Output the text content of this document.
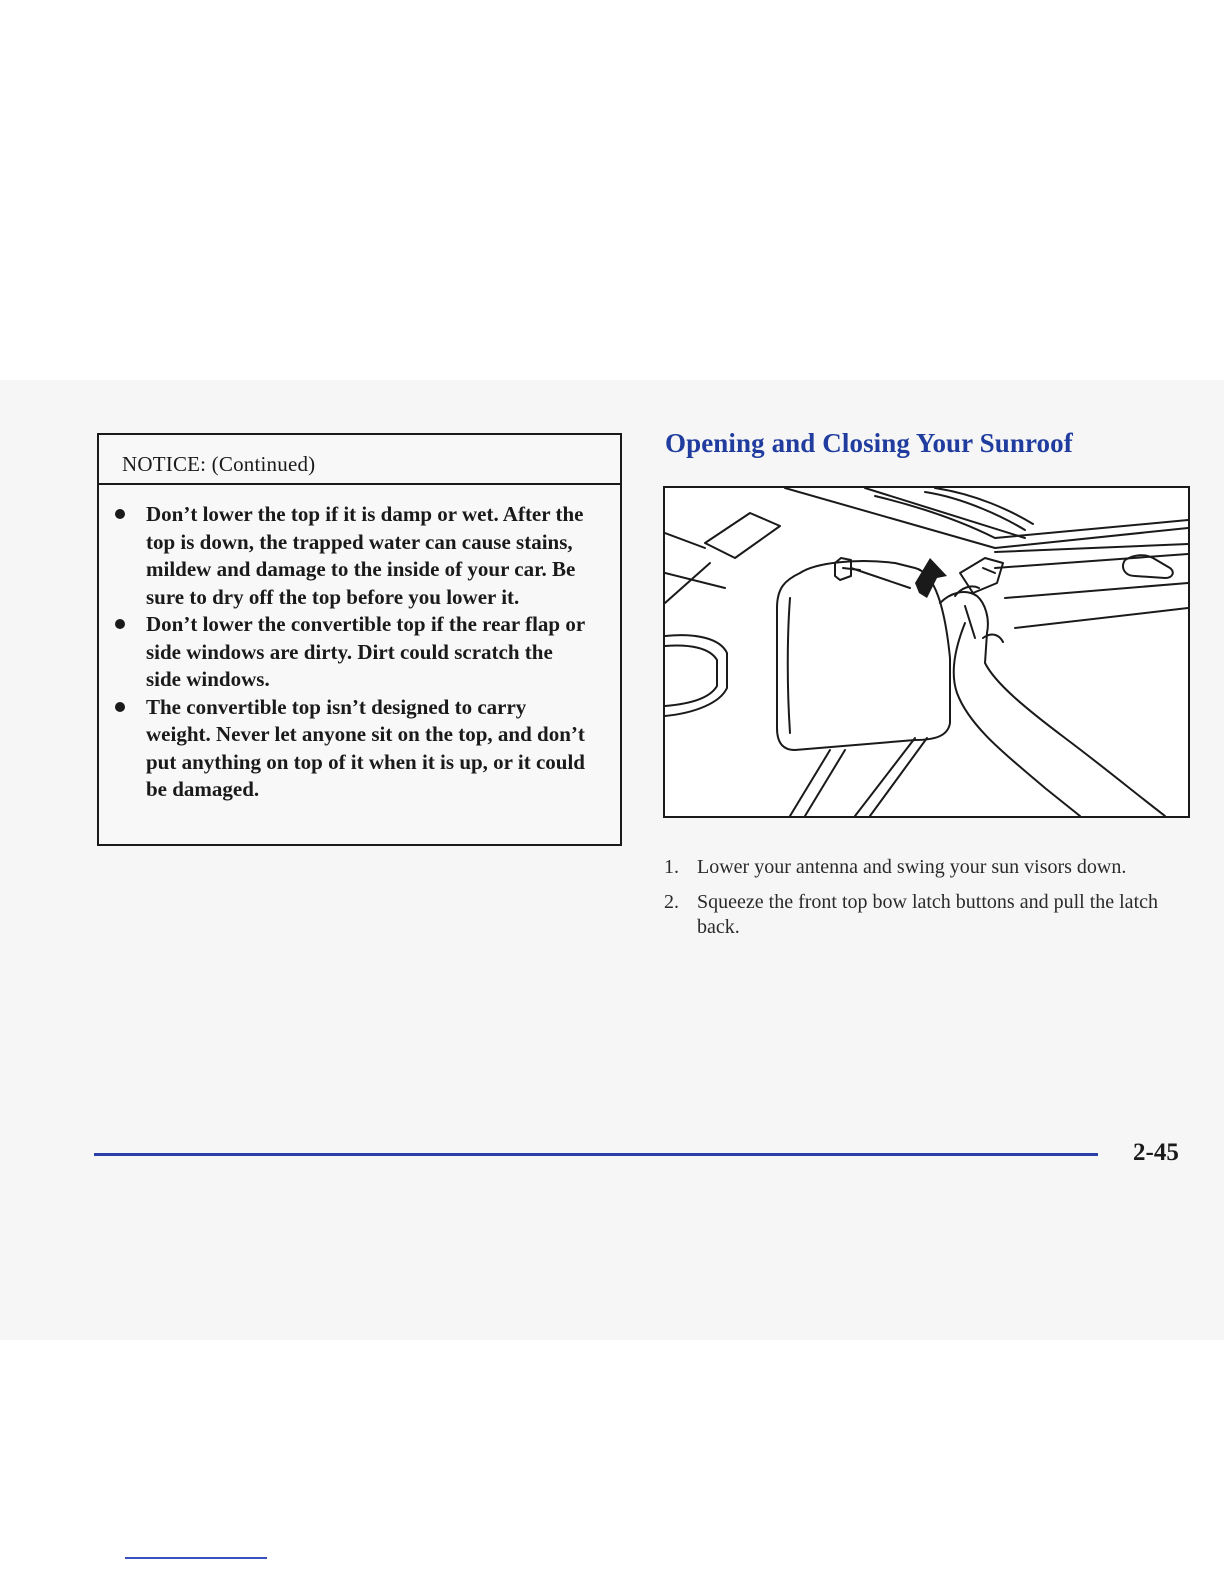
NOTICE: (Continued)
Don’t lower the top if it is damp or wet. After the top is down, the trapped water can cause stains, mildew and damage to the inside of your car. Be sure to dry off the top before you lower it.
Don’t lower the convertible top if the rear flap or side windows are dirty. Dirt could scratch the side windows.
The convertible top isn’t designed to carry weight. Never let anyone sit on the top, and don’t put anything on top of it when it is up, or it could be damaged.
Opening and Closing Your Sunroof
1. Lower your antenna and swing your sun visors down.
2. Squeeze the front top bow latch buttons and pull the latch back.
2-45
